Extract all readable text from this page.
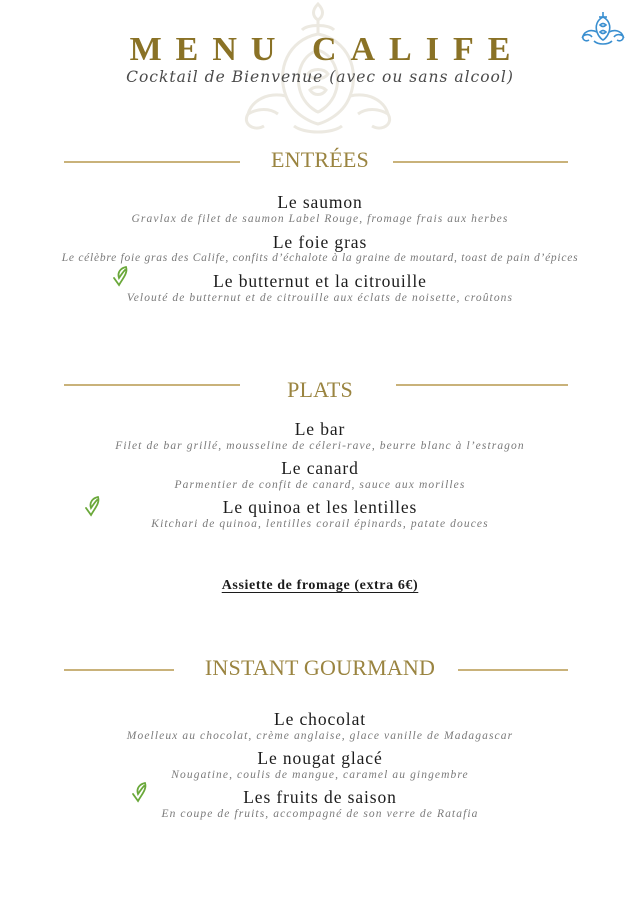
MENU CALIFE
Cocktail de Bienvenue (avec ou sans alcool)
ENTRÉES
Le saumon
Gravlax de filet de saumon Label Rouge, fromage frais aux herbes
Le foie gras
Le célèbre foie gras des Calife, confits d’échalote à la graine de moutard, toast de pain d’épices
Le butternut et la citrouille
Velouté de butternut et de citrouille aux éclats de noisette, croûtons
PLATS
Le bar
Filet de bar grillé, mousseline de céleri-rave, beurre blanc à l’estragon
Le canard
Parmentier de confit de canard, sauce aux morilles
Le quinoa et les lentilles
Kitchari de quinoa, lentilles corail épinards, patate douces
Assiette de fromage (extra 6€)
INSTANT GOURMAND
Le chocolat
Moelleux au chocolat, crème anglaise, glace vanille de Madagascar
Le nougat glacé
Nougatine, coulis de mangue, caramel au gingembre
Les fruits de saison
En coupe de fruits, accompagné de son verre de Ratafia
